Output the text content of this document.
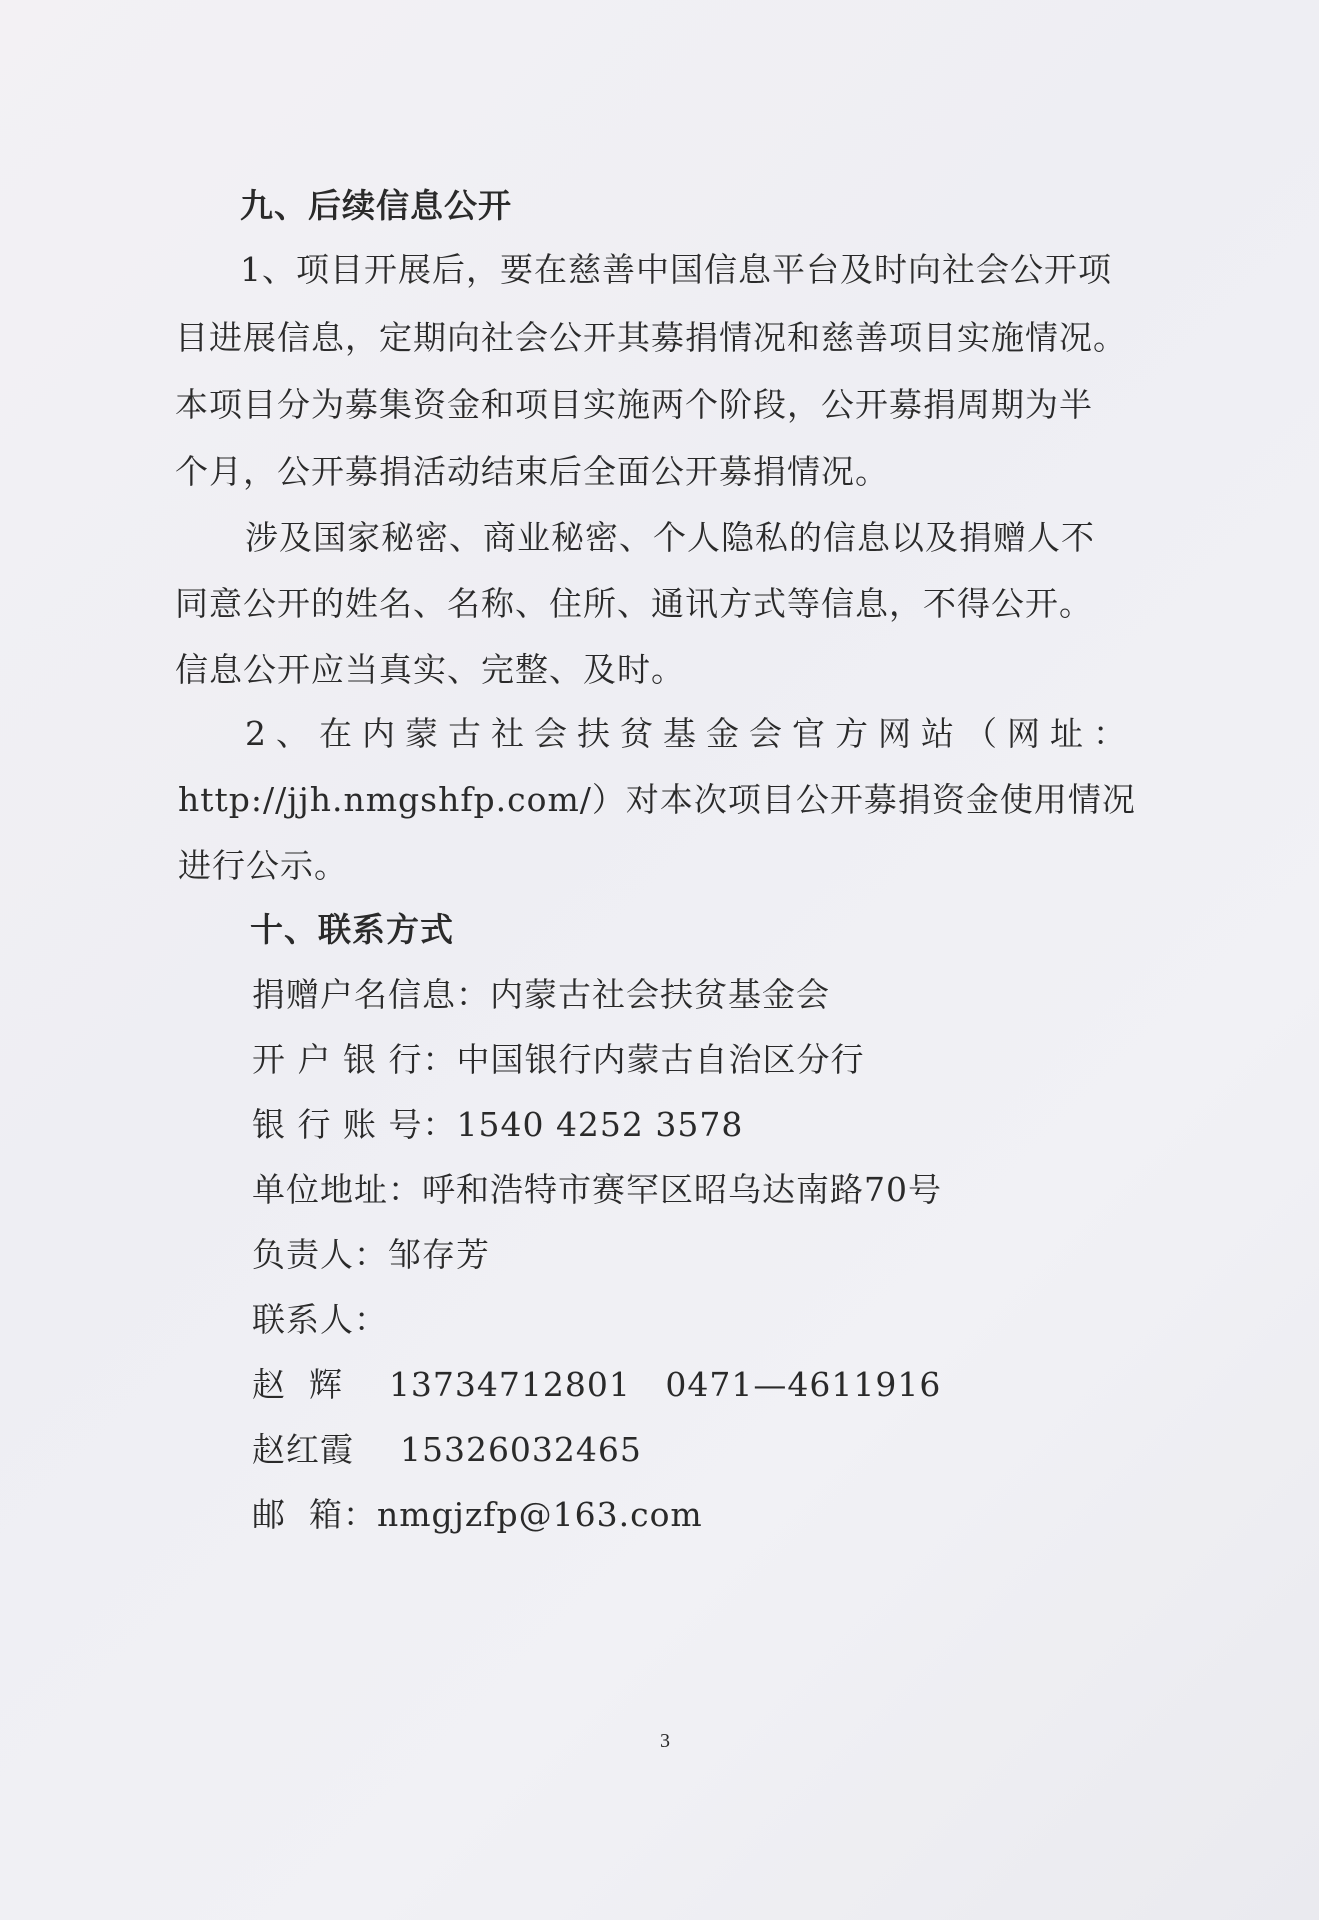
九、后续信息公开
1、项目开展后，要在慈善中国信息平台及时向社会公开项
目进展信息，定期向社会公开其募捐情况和慈善项目实施情况。
本项目分为募集资金和项目实施两个阶段，公开募捐周期为半
个月，公开募捐活动结束后全面公开募捐情况。
涉及国家秘密、商业秘密、个人隐私的信息以及捐赠人不
同意公开的姓名、名称、住所、通讯方式等信息，不得公开。
信息公开应当真实、完整、及时。
2、在内蒙古社会扶贫基金会官方网站（网址：
http://jjh.nmgshfp.com/）对本次项目公开募捐资金使用情况
进行公示。
十、联系方式
捐赠户名信息：内蒙古社会扶贫基金会
开 户 银 行：中国银行内蒙古自治区分行
银 行 账 号：1540 4252 3578
单位地址：呼和浩特市赛罕区昭乌达南路70号
负责人：邹存芳
联系人：
赵  辉    13734712801   0471—4611916
赵红霞    15326032465
邮  箱：nmgjzfp@163.com
3
